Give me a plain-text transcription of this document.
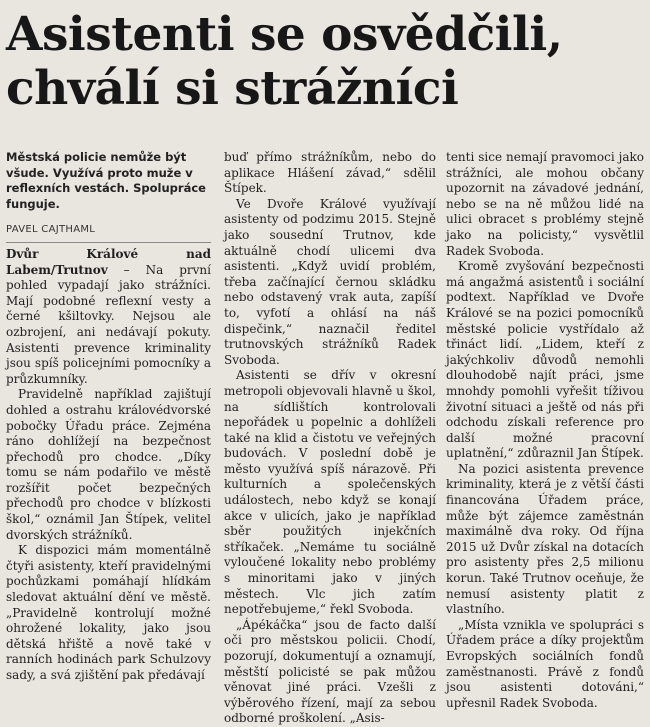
Asistenti se osvědčili,
chválí si strážníci

Městská policie nemůže být všude. Využívá proto muže v reflexních vestách. Spolupráce funguje.

PAVEL CAJTHAML

Dvůr Králové nad Labem/Trutnov – Na první pohled vypadají jako strážníci. Mají podobné reflexní vesty a černé kšiltovky. Nejsou ale ozbrojení, ani nedávají pokuty. Asistenti prevence kriminality jsou spíš policejními pomocníky a průzkumníky.

Pravidelně například zajištují dohled a ostrahu královédvorské pobočky Úřadu práce. Zejména ráno dohlížejí na bezpečnost přechodů pro chodce. „Díky tomu se nám podařilo ve městě rozšířit počet bezpečných přechodů pro chodce v blízkosti škol,“ oznámil Jan Štípek, velitel dvorských strážníků.

K dispozici mám momentálně čtyři asistenty, kteří pravidelnými pochůzkami pomáhají hlídkám sledovat aktuální dění ve městě. „Pravidelně kontrolují možné ohrožené lokality, jako jsou dětská hřiště a nově také v ranních hodinách park Schulzovy sady, a svá zjištění pak předávají

buď přímo strážníkům, nebo do aplikace Hlášení závad,“ sdělil Štípek.

Ve Dvoře Králové využívají asistenty od podzimu 2015. Stejně jako sousední Trutnov, kde aktuálně chodí ulicemi dva asistenti. „Když uvidí problém, třeba začínající černou skládku nebo odstavený vrak auta, zapíší to, vyfotí a ohlásí na náš dispečink,“ naznačil ředitel trutnovských strážníků Radek Svoboda.

Asistenti se dřív v okresní metropoli objevovali hlavně u škol, na sídlištích kontrolovali nepořádek u popelnic a dohlíželi také na klid a čistotu ve veřejných budovách. V poslední době je město využívá spíš nárazově. Při kulturních a společenských událostech, nebo když se konají akce v ulicích, jako je například sběr použitých injekčních stříkaček. „Nemáme tu sociálně vyloučené lokality nebo problémy s minoritami jako v jiných městech. Vlc jich zatím nepotřebujeme,“ řekl Svoboda.

„Ápékáčka“ jsou de facto další oči pro městskou policii. Chodí, pozorují, dokumentují a oznamují, městští policisté se pak můžou věnovat jiné práci. Vzešli z výběrového řízení, mají za sebou odborné proškolení. „Asis-

tenti sice nemají pravomoci jako strážníci, ale mohou občany upozornit na závadové jednání, nebo se na ně můžou lidé na ulici obracet s problémy stejně jako na policisty,“ vysvětlil Radek Svoboda.

Kromě zvyšování bezpečnosti má angažmá asistentů i sociální podtext. Například ve Dvoře Králové se na pozici pomocníků městské policie vystřídalo až třináct lidí. „Lidem, kteří z jakýchkoliv důvodů nemohli dlouhodobě najít práci, jsme mnohdy pomohli vyřešit tíživou životní situaci a ještě od nás při odchodu získali reference pro další možné pracovní uplatnění,“ zdůraznil Jan Štípek.

Na pozici asistenta prevence kriminality, která je z větší části financována Úřadem práce, může být zájemce zaměstnán maximálně dva roky. Od října 2015 už Dvůr získal na dotacích pro asistenty přes 2,5 milionu korun. Také Trutnov oceňuje, že nemusí asistenty platit z vlastního.

„Místa vznikla ve spolupráci s Úřadem práce a díky projektům Evropských sociálních fondů zaměstnanosti. Právě z fondů jsou asistenti dotováni,“ upřesnil Radek Svoboda.
